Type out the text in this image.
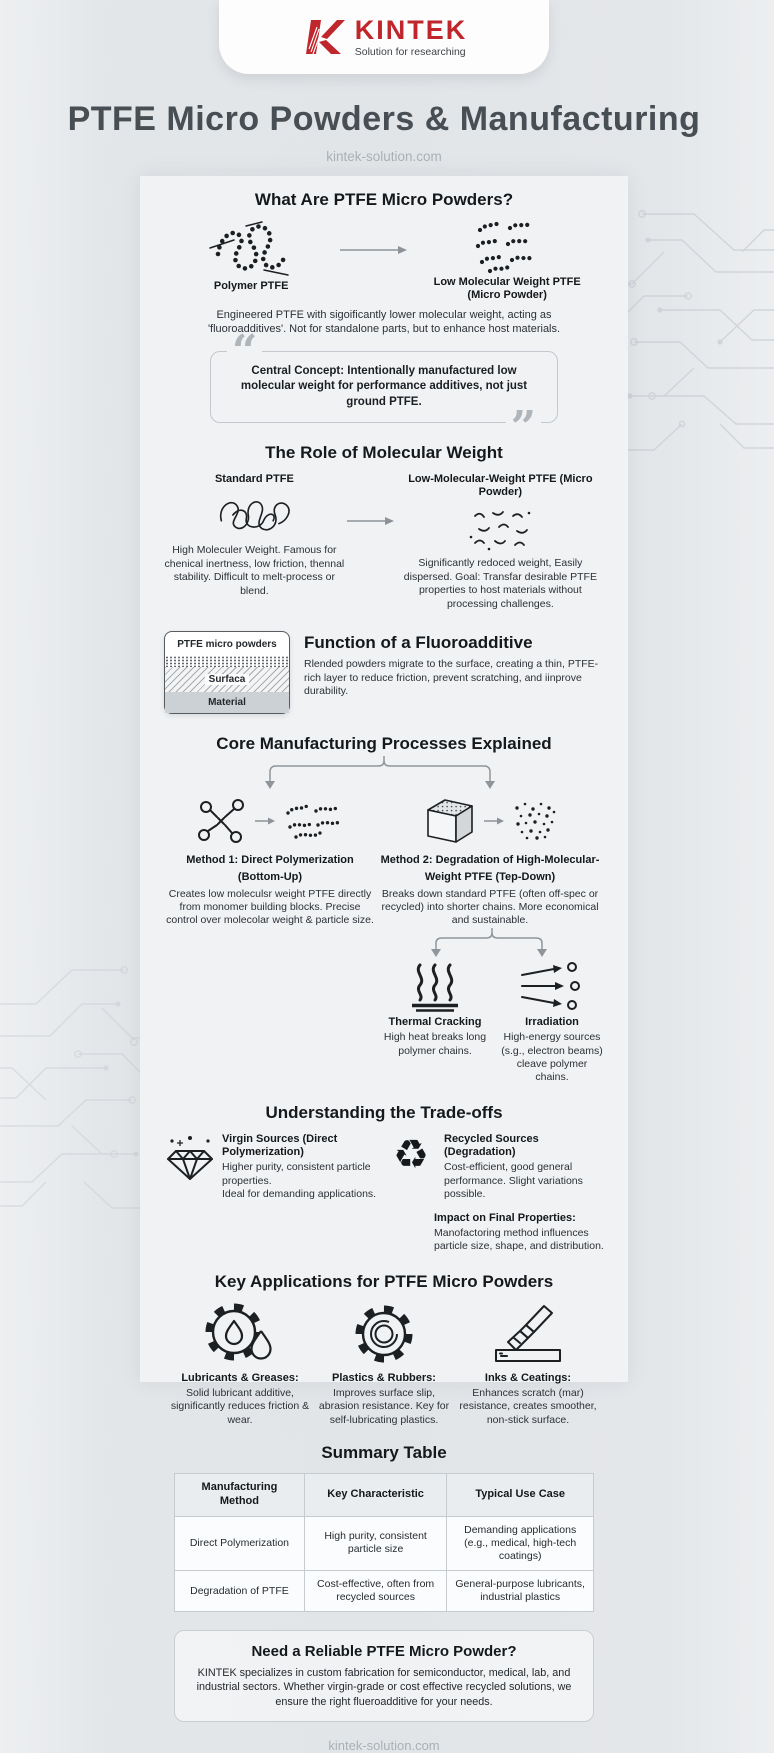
KINTEK
Solution for researching
PTFE Micro Powders & Manufacturing
kintek-solution.com
What Are PTFE Micro Powders?
Polymer PTFE	Low Molecular Weight PTFE
(Micro Powder)

Engineered PTFE with sigoificantly lower molecular weight, acting as 'fluoroadditives'. Not for standalone parts, but to enhance host materials.

“
Central Concept: Intentionally manufactured low molecular weight for performance additives, not just ground PTFE.
”
The Role of Molecular Weight
Standard PTFE

High Moleculer Weight. Famous for chenical inertness, low friction, thennal stability. Difficult to melt-process or blend.

Low-Molecular-Weight PTFE (Micro Powder)

Significantly redoced weight, Easily dispersed. Goal: Transfar desirable PTFE properties to host materials without processing challenges.

PTFE micro powders
Surfaca
Material
Function of a Fluoroadditive

Rlended powders migrate to the surface, creating a thin, PTFE-rich layer to reduce friction, prevent scratching, and iinprove durability.

Core Manufacturing Processes Explained
Method 1: Direct Polymerization
(Bottom-Up)

Creates low moleculsr weight PTFE directly from monomer building blocks. Precise control over molecolar weight & particle size.

Method 2: Degradation of High-Molecular-
Weight PTFE (Tep-Down)

Breaks down standard PTFE (often off-spec or recycled) into shorter chains. More economical and sustainable.

Thermal Cracking

High heat breaks long polymer chains.

Irradiation

High-energy sources (s.g., electron beams) cleave polymer chains.

Understanding the Trade-offs
Virgin Sources (Direct Polymerization)
Higher purity, consistent particle properties.
Ideal for demanding applications.
♻	Recycled Sources (Degradation)
Cost-efficient, good general performance. Slight variations possible.
Impact on Final Properties:
Manofactoring method influences particle size, shape, and distribution.
Key Applications for PTFE Micro Powders
Lubricants & Greases:

Solid lubricant additive, significantly reduces friction & wear.

Plastics & Rubbers:

Improves surface slip, abrasion resistance. Key for self-lubricating plastics.

Inks & Ceatings:

Enhances scratch (mar) resistance, creates smoother, non-stick surface.

Summary Table
Manufacturing Method	Key Characteristic	Typical Use Case
Direct Polymerization	High purity, consistent particle size	Demanding applications (e.g., medical, high-tech coatings)
Degradation of PTFE	Cost-effective, often from recycled sources	General-purpose lubricants, industrial plastics
Need a Reliable PTFE Micro Powder?

KINTEK specializes in custom fabrication for semiconductor, medical, lab, and industrial sectors. Whether virgin-grade or cost effective recycled solutions, we ensure the right flueroadditive for your needs.

kintek-solution.com
